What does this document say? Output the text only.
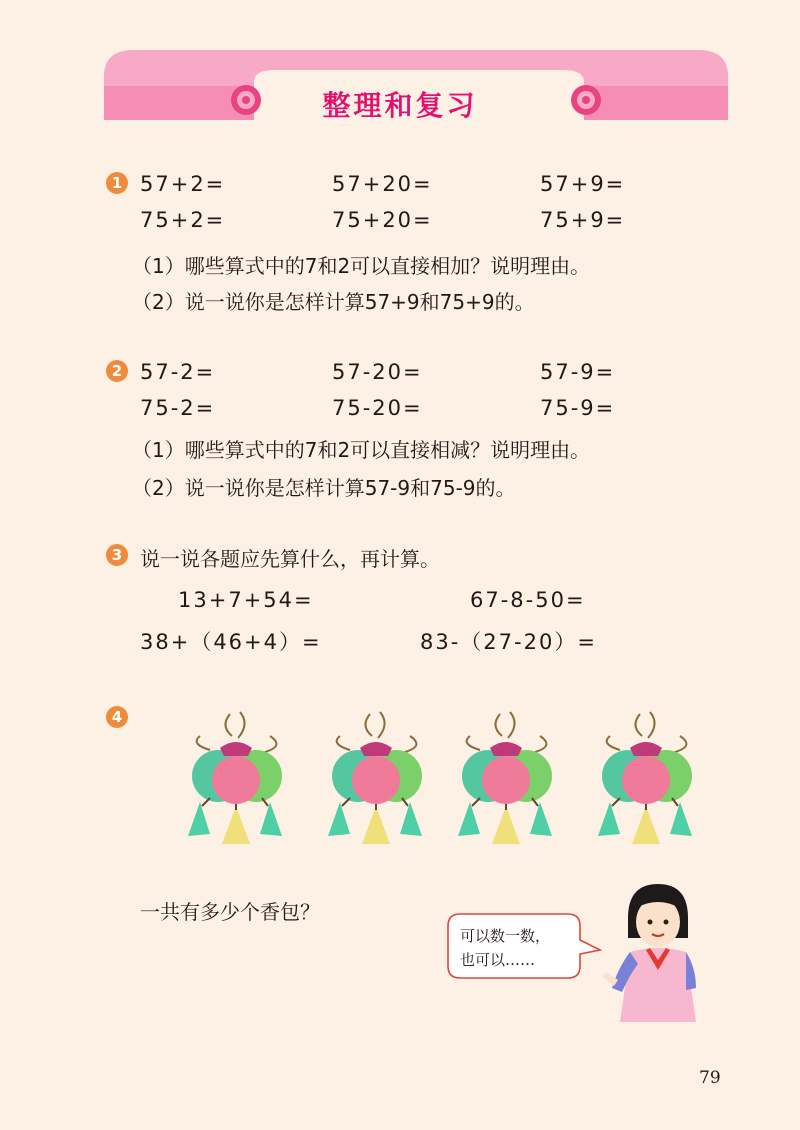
整理和复习
1 57+2=	57+20=	57+9=
75+2=	75+20=	75+9=
（1）哪些算式中的7和2可以直接相加？说明理由。
（2）说一说你是怎样计算57+9和75+9的。
2 57-2=	57-20=	57-9=
75-2=	75-20=	75-9=
（1）哪些算式中的7和2可以直接相减？说明理由。
（2）说一说你是怎样计算57-9和75-9的。
3 说一说各题应先算什么，再计算。
13+7+54=	67-8-50=
38+（46+4）=	83-（27-20）=
4
一共有多少个香包？
可以数一数，
也可以……
79
